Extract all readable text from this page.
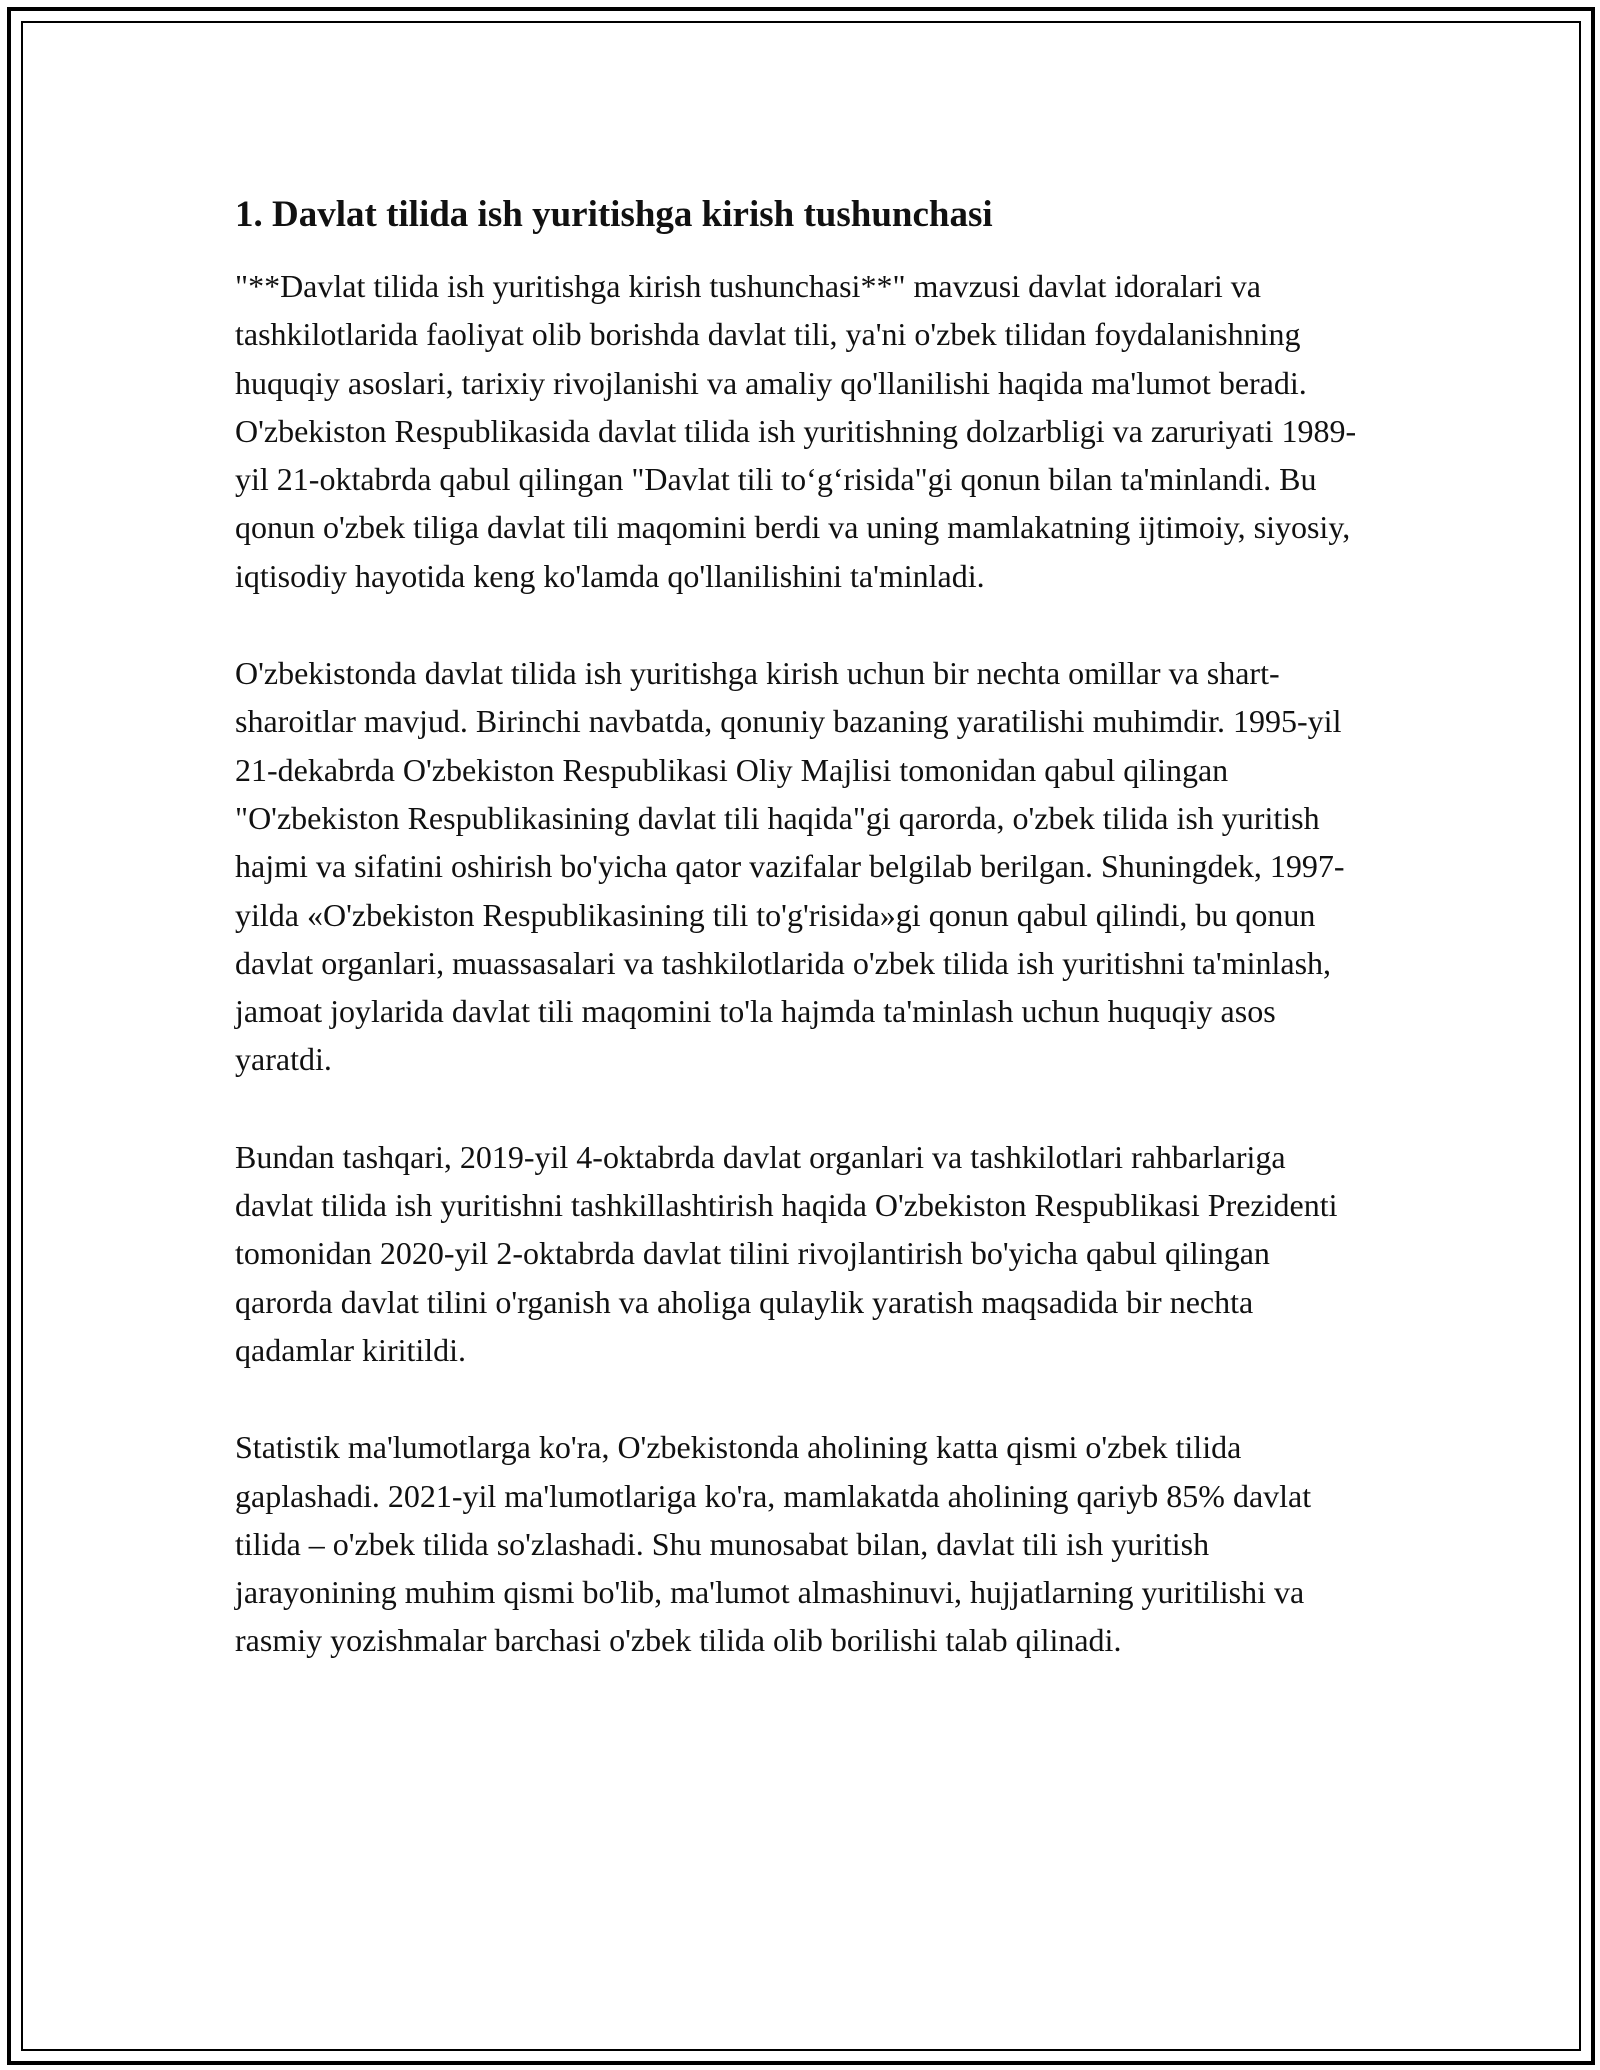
1. Davlat tilida ish yuritishga kirish tushunchasi

"**Davlat tilida ish yuritishga kirish tushunchasi**" mavzusi davlat idoralari va tashkilotlarida faoliyat olib borishda davlat tili, ya'ni o'zbek tilidan foydalanishning huquqiy asoslari, tarixiy rivojlanishi va amaliy qo'llanilishi haqida ma'lumot beradi. O'zbekiston Respublikasida davlat tilida ish yuritishning dolzarbligi va zaruriyati 1989-yil 21-oktabrda qabul qilingan "Davlat tili to‘g‘risida"gi qonun bilan ta'minlandi. Bu qonun o'zbek tiliga davlat tili maqomini berdi va uning mamlakatning ijtimoiy, siyosiy, iqtisodiy hayotida keng ko'lamda qo'llanilishini ta'minladi.

O'zbekistonda davlat tilida ish yuritishga kirish uchun bir nechta omillar va shart-sharoitlar mavjud. Birinchi navbatda, qonuniy bazaning yaratilishi muhimdir. 1995-yil 21-dekabrda O'zbekiston Respublikasi Oliy Majlisi tomonidan qabul qilingan "O'zbekiston Respublikasining davlat tili haqida"gi qarorda, o'zbek tilida ish yuritish hajmi va sifatini oshirish bo'yicha qator vazifalar belgilab berilgan. Shuningdek, 1997-yilda «O'zbekiston Respublikasining tili to'g'risida»gi qonun qabul qilindi, bu qonun davlat organlari, muassasalari va tashkilotlarida o'zbek tilida ish yuritishni ta'minlash, jamoat joylarida davlat tili maqomini to'la hajmda ta'minlash uchun huquqiy asos yaratdi.

Bundan tashqari, 2019-yil 4-oktabrda davlat organlari va tashkilotlari rahbarlariga davlat tilida ish yuritishni tashkillashtirish haqida O'zbekiston Respublikasi Prezidenti tomonidan 2020-yil 2-oktabrda davlat tilini rivojlantirish bo'yicha qabul qilingan qarorda davlat tilini o'rganish va aholiga qulaylik yaratish maqsadida bir nechta qadamlar kiritildi.

Statistik ma'lumotlarga ko'ra, O'zbekistonda aholining katta qismi o'zbek tilida gaplashadi. 2021-yil ma'lumotlariga ko'ra, mamlakatda aholining qariyb 85% davlat tilida – o'zbek tilida so'zlashadi. Shu munosabat bilan, davlat tili ish yuritish jarayonining muhim qismi bo'lib, ma'lumot almashinuvi, hujjatlarning yuritilishi va rasmiy yozishmalar barchasi o'zbek tilida olib borilishi talab qilinadi.
